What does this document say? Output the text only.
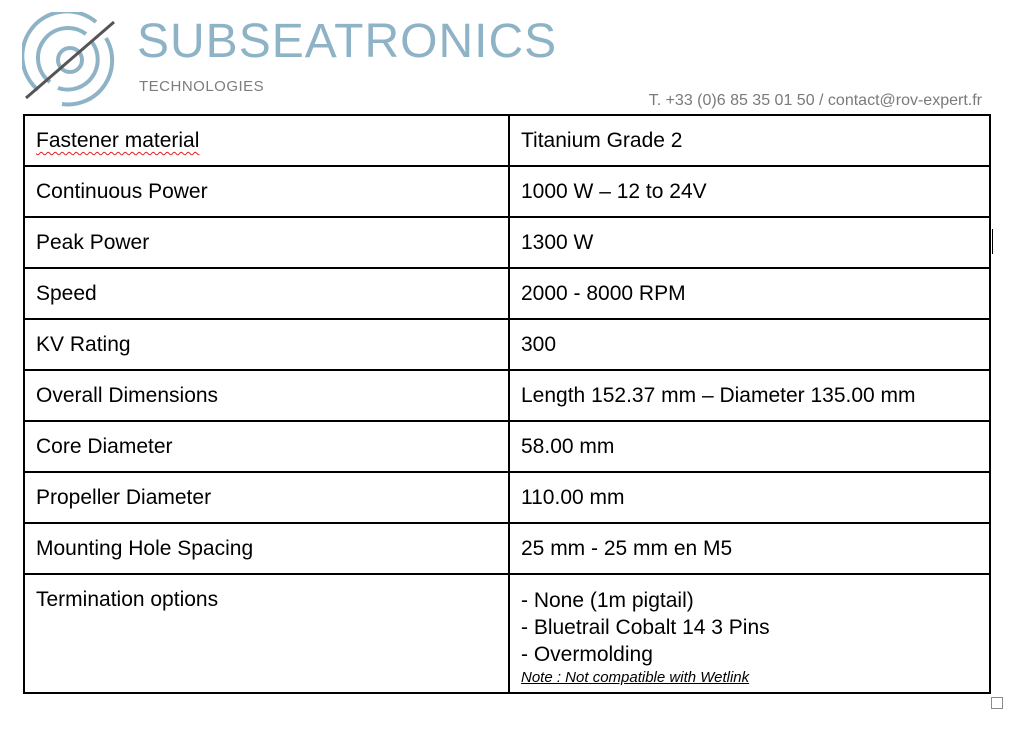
SUBSEATRONICS
TECHNOLOGIES
T. +33 (0)6 85 35 01 50 / contact@rov-expert.fr
Fastener material	Titanium Grade 2
Continuous Power	1000 W – 12 to 24V
Peak Power	1300 W
Speed	2000 - 8000 RPM
KV Rating	300
Overall Dimensions	Length 152.37 mm – Diameter 135.00 mm
Core Diameter	58.00 mm
Propeller Diameter	110.00 mm
Mounting Hole Spacing	25 mm - 25 mm en M5
Termination options	- None (1m pigtail)
- Bluetrail Cobalt 14 3 Pins
- Overmolding
Note : Not compatible with Wetlink
